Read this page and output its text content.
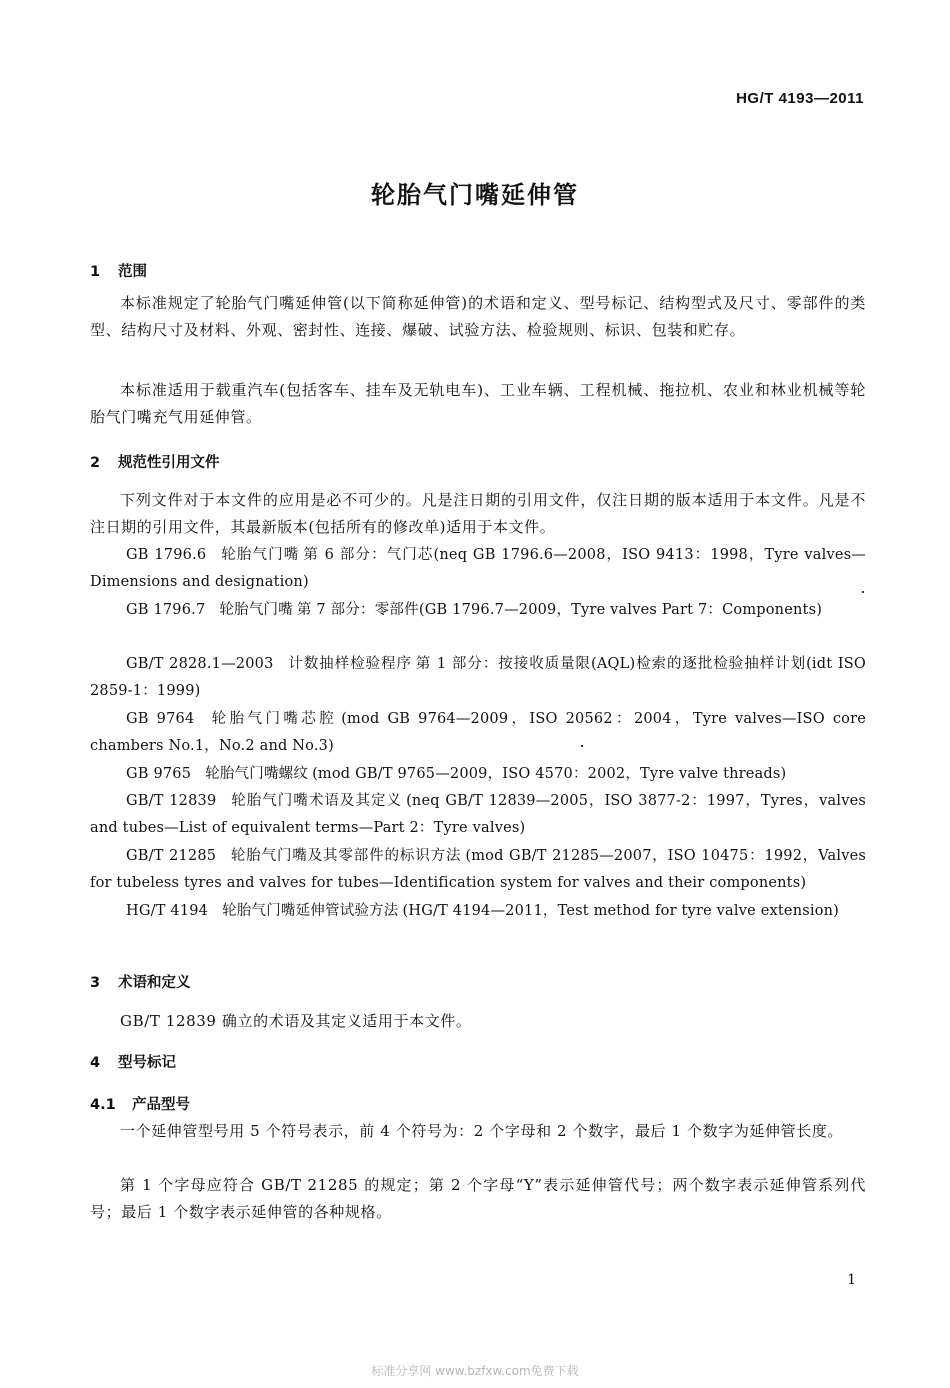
HG/T 4193—2011
轮胎气门嘴延伸管
1 范围
本标准规定了轮胎气门嘴延伸管(以下简称延伸管)的术语和定义、型号标记、结构型式及尺寸、零部件的类型、结构尺寸及材料、外观、密封性、连接、爆破、试验方法、检验规则、标识、包装和贮存。
本标准适用于载重汽车(包括客车、挂车及无轨电车)、工业车辆、工程机械、拖拉机、农业和林业机械等轮胎气门嘴充气用延伸管。
2 规范性引用文件
下列文件对于本文件的应用是必不可少的。凡是注日期的引用文件，仅注日期的版本适用于本文件。凡是不注日期的引用文件，其最新版本(包括所有的修改单)适用于本文件。
GB 1796.6 轮胎气门嘴 第 6 部分：气门芯(neq GB 1796.6—2008，ISO 9413：1998，Tyre valves—Dimensions and designation)
GB 1796.7 轮胎气门嘴 第 7 部分：零部件(GB 1796.7—2009，Tyre valves Part 7：Components)
GB/T 2828.1—2003 计数抽样检验程序 第 1 部分：按接收质量限(AQL)检索的逐批检验抽样计划(idt ISO 2859-1：1999)
GB 9764 轮胎气门嘴芯腔 (mod GB 9764—2009，ISO 20562：2004，Tyre valves—ISO core chambers No.1，No.2 and No.3)
GB 9765 轮胎气门嘴螺纹 (mod GB/T 9765—2009，ISO 4570：2002，Tyre valve threads)
GB/T 12839 轮胎气门嘴术语及其定义 (neq GB/T 12839—2005，ISO 3877-2：1997，Tyres，valves and tubes—List of equivalent terms—Part 2：Tyre valves)
GB/T 21285 轮胎气门嘴及其零部件的标识方法 (mod GB/T 21285—2007，ISO 10475：1992，Valves for tubeless tyres and valves for tubes—Identification system for valves and their components)
HG/T 4194 轮胎气门嘴延伸管试验方法 (HG/T 4194—2011，Test method for tyre valve extension)
3 术语和定义
GB/T 12839 确立的术语及其定义适用于本文件。
4 型号标记
4.1 产品型号
一个延伸管型号用 5 个符号表示，前 4 个符号为：2 个字母和 2 个数字，最后 1 个数字为延伸管长度。
第 1 个字母应符合 GB/T 21285 的规定；第 2 个字母“Y”表示延伸管代号；两个数字表示延伸管系列代号；最后 1 个数字表示延伸管的各种规格。
1
标准分享网 www.bzfxw.com免费下载
